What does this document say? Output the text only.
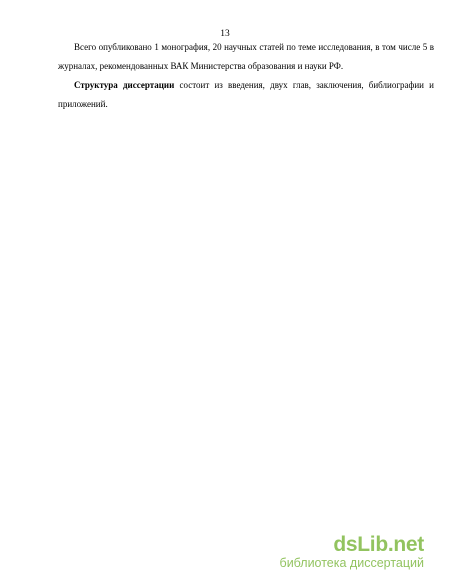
13

Всего опубликовано 1 монография, 20 научных статей по теме исследования, в том числе 5 в журналах, рекомендованных ВАК Министерства образования и науки РФ.

Структура диссертации состоит из введения, двух глав, заключения, библиографии и приложений.

dsLib.net
библиотека диссертаций
